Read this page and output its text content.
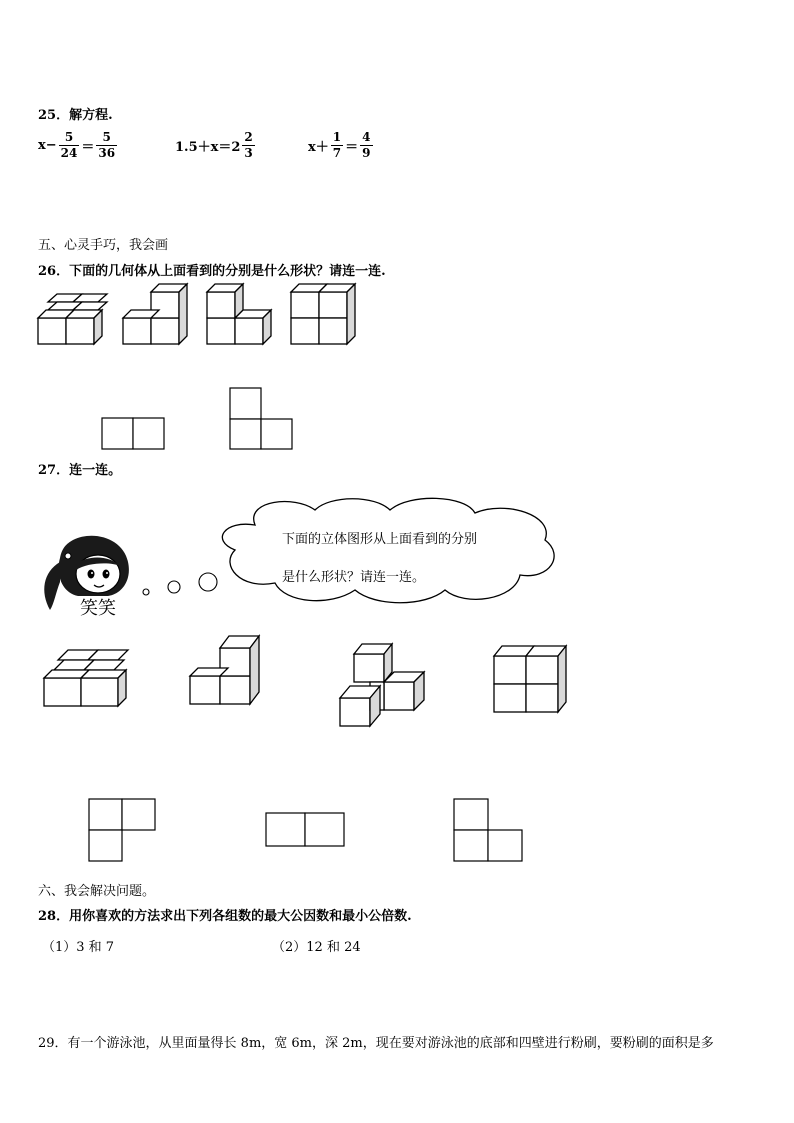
25．解方程.
$x- \frac{5}{24} = \frac{5}{36}$	$1.5+x=2 \frac{2}{3}$	$x+ \frac{1}{7} = \frac{4}{9}$
五、心灵手巧，我会画
26．下面的几何体从上面看到的分别是什么形状？请连一连.
27．连一连。
下面的立体图形从上面看到的分别
是什么形状？请连一连。
笑笑
六、我会解决问题。
28．用你喜欢的方法求出下列各组数的最大公因数和最小公倍数.
（1）3 和 7	（2）12 和 24
29．有一个游泳池，从里面量得长 8m，宽 6m，深 2m，现在要对游泳池的底部和四壁进行粉刷，要粉刷的面积是多
